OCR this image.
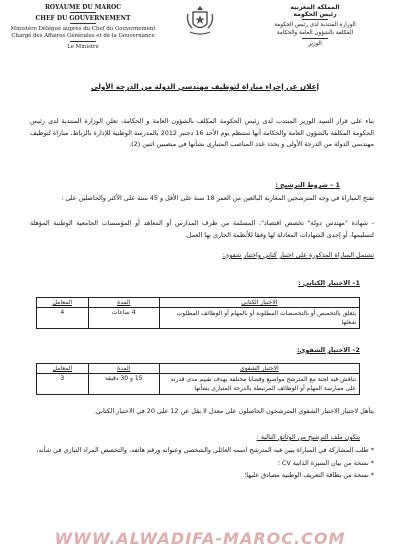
ROYAUME DU MAROC
CHEF DU GOUVERNEMENT
Ministère Délégué auprès du Chef du Gouvernement
Chargé des Affaires Générales et de la Gouvernance
Le Ministre
المملكة المغربية
رئيس الحكومة
الوزارة المنتدبة لدى رئيس الحكومة
المكلفة بالشؤون العامة والحكامة
الوزير
إعلان عن إجراء مباراة لتوظيف مهندسي الدولة من الدرجة الأولى
بناء على قرار السيد الوزير المنتدب لدى رئيس الحكومة المكلف بالشؤون العامة و الحكامة، تعلن الوزارة المنتدبة لدى رئيس الحكومة المكلفة بالشؤون العامة والحكامة أنها ستنظم يوم الأحد 16 دجنبر 2012 بالمدرسة الوطنية للإدارة بالرباط، مباراة لتوظيف مهندسي الدولة من الدرجة الأولى و يحدد عدد المناصب المتبارى بشأنها في منصبين اثنين (2).
1 – شروط الترشيح :
تفتح المباراة في وجه المترشحين المغاربة البالغين من العمر 18 سنة على الأقل و 45 سنة على الأكثر والحاصلين على :
- شهادة "مهندس دولة" تخصص اقتصاد"، المسلمة من طرف المدارس أو المعاهد أو المؤسسات الجامعية الوطنية المؤهلة لتسليمها، أو إحدى الشهادات المعادلة لها وفقا للأنظمة الجاري بها العمل.
تشتمل المباراة المذكورة على اختبار كتابي واختبار شفوي:
1– الاختبار الكتابي :
الاختبار الكتابي	المدة	المعامل
يتعلق بالتخصص أو بالتخصصات المطلوبة أو بالمهام أو الوظائف المطلوب شغلها	4 ساعات	4
2– الاختبار الشفوي:
الاختبار الشفوي	المدة	المعامل
تناقش فيه لجنة مع المترشح مواضيع وقضايا مختلفة بهدف تقييم مدى قدرته على ممارسة المهام أو الوظائف المرتبطة بالدرجة المتبارى بشأنها	15 و 30 دقيقة	3
يتأهل لاجتياز الاختبار الشفوي المترشحون الحاصلون على معدل لا يقل عن 12 على 20 في الاختبار الكتابي.
يتكون ملف الترشيح من الوثائق التالية :
* طلب المشاركة في المباراة يبين فيه المترشح اسمه العائلي والشخصي وعنوانه ورقم هاتفه، والتخصص المراد التباري في شأنه،
* نسخة من بيان السيرة الذاتية CV ؛
* نسخة من بطاقة التعريف الوطنية مصادق عليها؛
WWW.ALWADIFA-MAROC.COM
